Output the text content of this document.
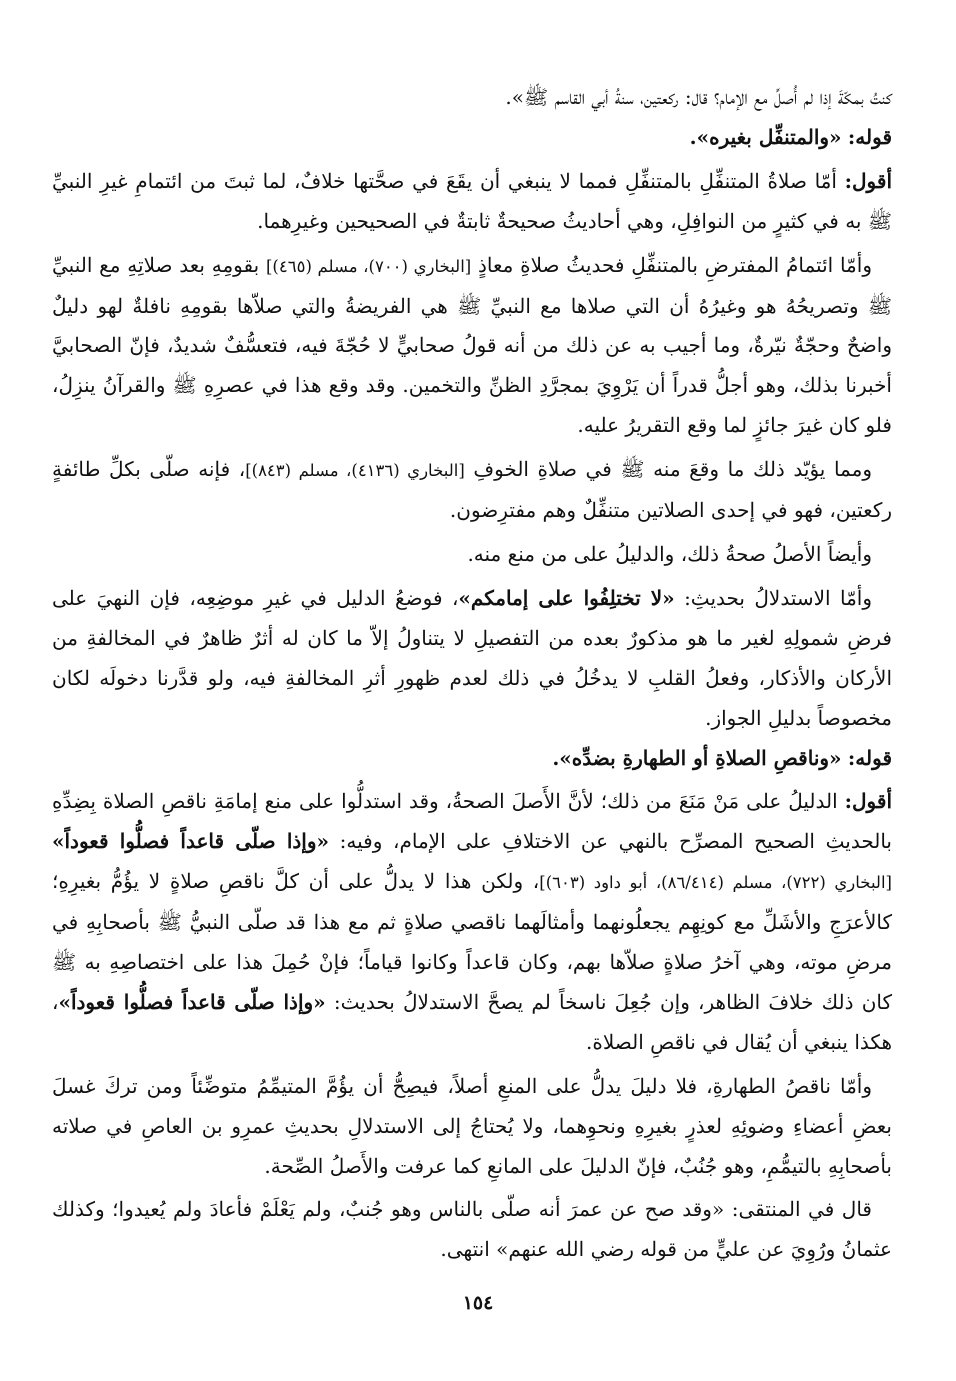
كنتُ بمكّةَ إذا لم أُصلِّ مع الإمام؟ قال: ركعتين، سنةُ أبي القاسم ﷺ».

قوله: «والمتنفِّل بغيره».

أقول: أمّا صلاةُ المتنفِّلِ بالمتنفِّلِ فمما لا ينبغي أن يقَعَ في صحَّتها خلافٌ، لما ثبتَ من ائتمامِ غيرِ النبيِّ ﷺ به في كثيرٍ من النوافِلِ، وهي أحاديثُ صحيحةٌ ثابتةٌ في الصحيحين وغيرِهما.

وأمّا ائتمامُ المفترضِ بالمتنفِّلِ فحديثُ صلاةِ معاذٍ [البخاري (٧٠٠)، مسلم (٤٦٥)] بقومِهِ بعد صلاتِهِ مع النبيِّ ﷺ وتصريحُهُ هو وغيرُهُ أن التي صلاها مع النبيِّ ﷺ هي الفريضةُ والتي صلاّها بقومِهِ نافلةٌ لهو دليلٌ واضحٌ وحجّةٌ نيّرةٌ، وما أجيب به عن ذلك من أنه قولُ صحابيٍّ لا حُجّةَ فيه، فتعسُّفٌ شديدٌ، فإنّ الصحابيَّ أخبرنا بذلك، وهو أجلُّ قدراً أن يَرْوِيَ بمجرَّدِ الظنِّ والتخمين. وقد وقع هذا في عصرِهِ ﷺ والقرآنُ ينزِلُ، فلو كان غيرَ جائزٍ لما وقع التقريرُ عليه.

ومما يؤيّد ذلك ما وقعَ منه ﷺ في صلاةِ الخوفِ [البخاري (٤١٣٦)، مسلم (٨٤٣)]، فإنه صلّى بكلِّ طائفةٍ ركعتين، فهو في إحدى الصلاتين متنفِّلٌ وهم مفترِضون.

وأيضاً الأصلُ صحةُ ذلك، والدليلُ على من منع منه.

وأمّا الاستدلالُ بحديثِ: «لا تختلِفُوا على إمامكم»، فوضعُ الدليل في غيرِ موضِعِه، فإن النهيَ على فرضِ شمولِهِ لغير ما هو مذكورٌ بعده من التفصيلِ لا يتناولُ إلاّ ما كان له أثرٌ ظاهرٌ في المخالفةِ من الأركان والأذكار، وفعلُ القلبِ لا يدخُلُ في ذلك لعدم ظهورِ أثرِ المخالفةِ فيه، ولو قدَّرنا دخولَه لكان مخصوصاً بدليلِ الجواز.

قوله: «وناقصِ الصلاةِ أو الطهارةِ بضدِّه».

أقول: الدليلُ على مَنْ مَنَعَ من ذلك؛ لأنَّ الأَصلَ الصحةُ، وقد استدلُّوا على منع إمامَةِ ناقصِ الصلاة بِضِدِّهِ بالحديثِ الصحيح المصرِّح بالنهي عن الاختلافِ على الإمام، وفيه: «وإذا صلّى قاعداً فصلُّوا قعوداً» [البخاري (٧٢٢)، مسلم (٨٦/٤١٤)، أبو داود (٦٠٣)]، ولكن هذا لا يدلُّ على أن كلَّ ناقصِ صلاةٍ لا يؤُمُّ بغيرِهِ؛ كالأعرَجِ والأشَلِّ مع كونِهِم يجعلُونهما وأمثالَهما ناقصي صلاةٍ ثم مع هذا قد صلّى النبيُّ ﷺ بأصحابِهِ في مرضِ موته، وهي آخرُ صلاةٍ صلاّها بهم، وكان قاعداً وكانوا قياماً؛ فإنْ حُمِلَ هذا على اختصاصِهِ به ﷺ كان ذلك خلافَ الظاهر، وإن جُعِلَ ناسخاً لم يصحَّ الاستدلالُ بحديث: «وإذا صلّى قاعداً فصلُّوا قعوداً»، هكذا ينبغي أن يُقال في ناقصِ الصلاة.

وأمّا ناقصُ الطهارةِ، فلا دليلَ يدلُّ على المنعِ أصلاً، فيصِحُّ أن يؤُمَّ المتيمِّمُ متوضِّئاً ومن تركَ غسلَ بعضِ أعضاءِ وضوئِهِ لعذرٍ بغيرِهِ ونحوِهما، ولا يُحتاجُ إلى الاستدلالِ بحديثِ عمرِو بن العاصِ في صلاته بأصحابِهِ بالتيمُّمِ، وهو جُنُبٌ، فإنّ الدليلَ على المانعِ كما عرفت والأَصلُ الصِّحة.

قال في المنتقى: «وقد صح عن عمرَ أنه صلّى بالناس وهو جُنبٌ، ولم يَعْلَمْ فأعادَ ولم يُعيدوا؛ وكذلك عثمانُ ورُوِيَ عن عليٍّ من قوله رضي الله عنهم» انتهى.

١٥٤
